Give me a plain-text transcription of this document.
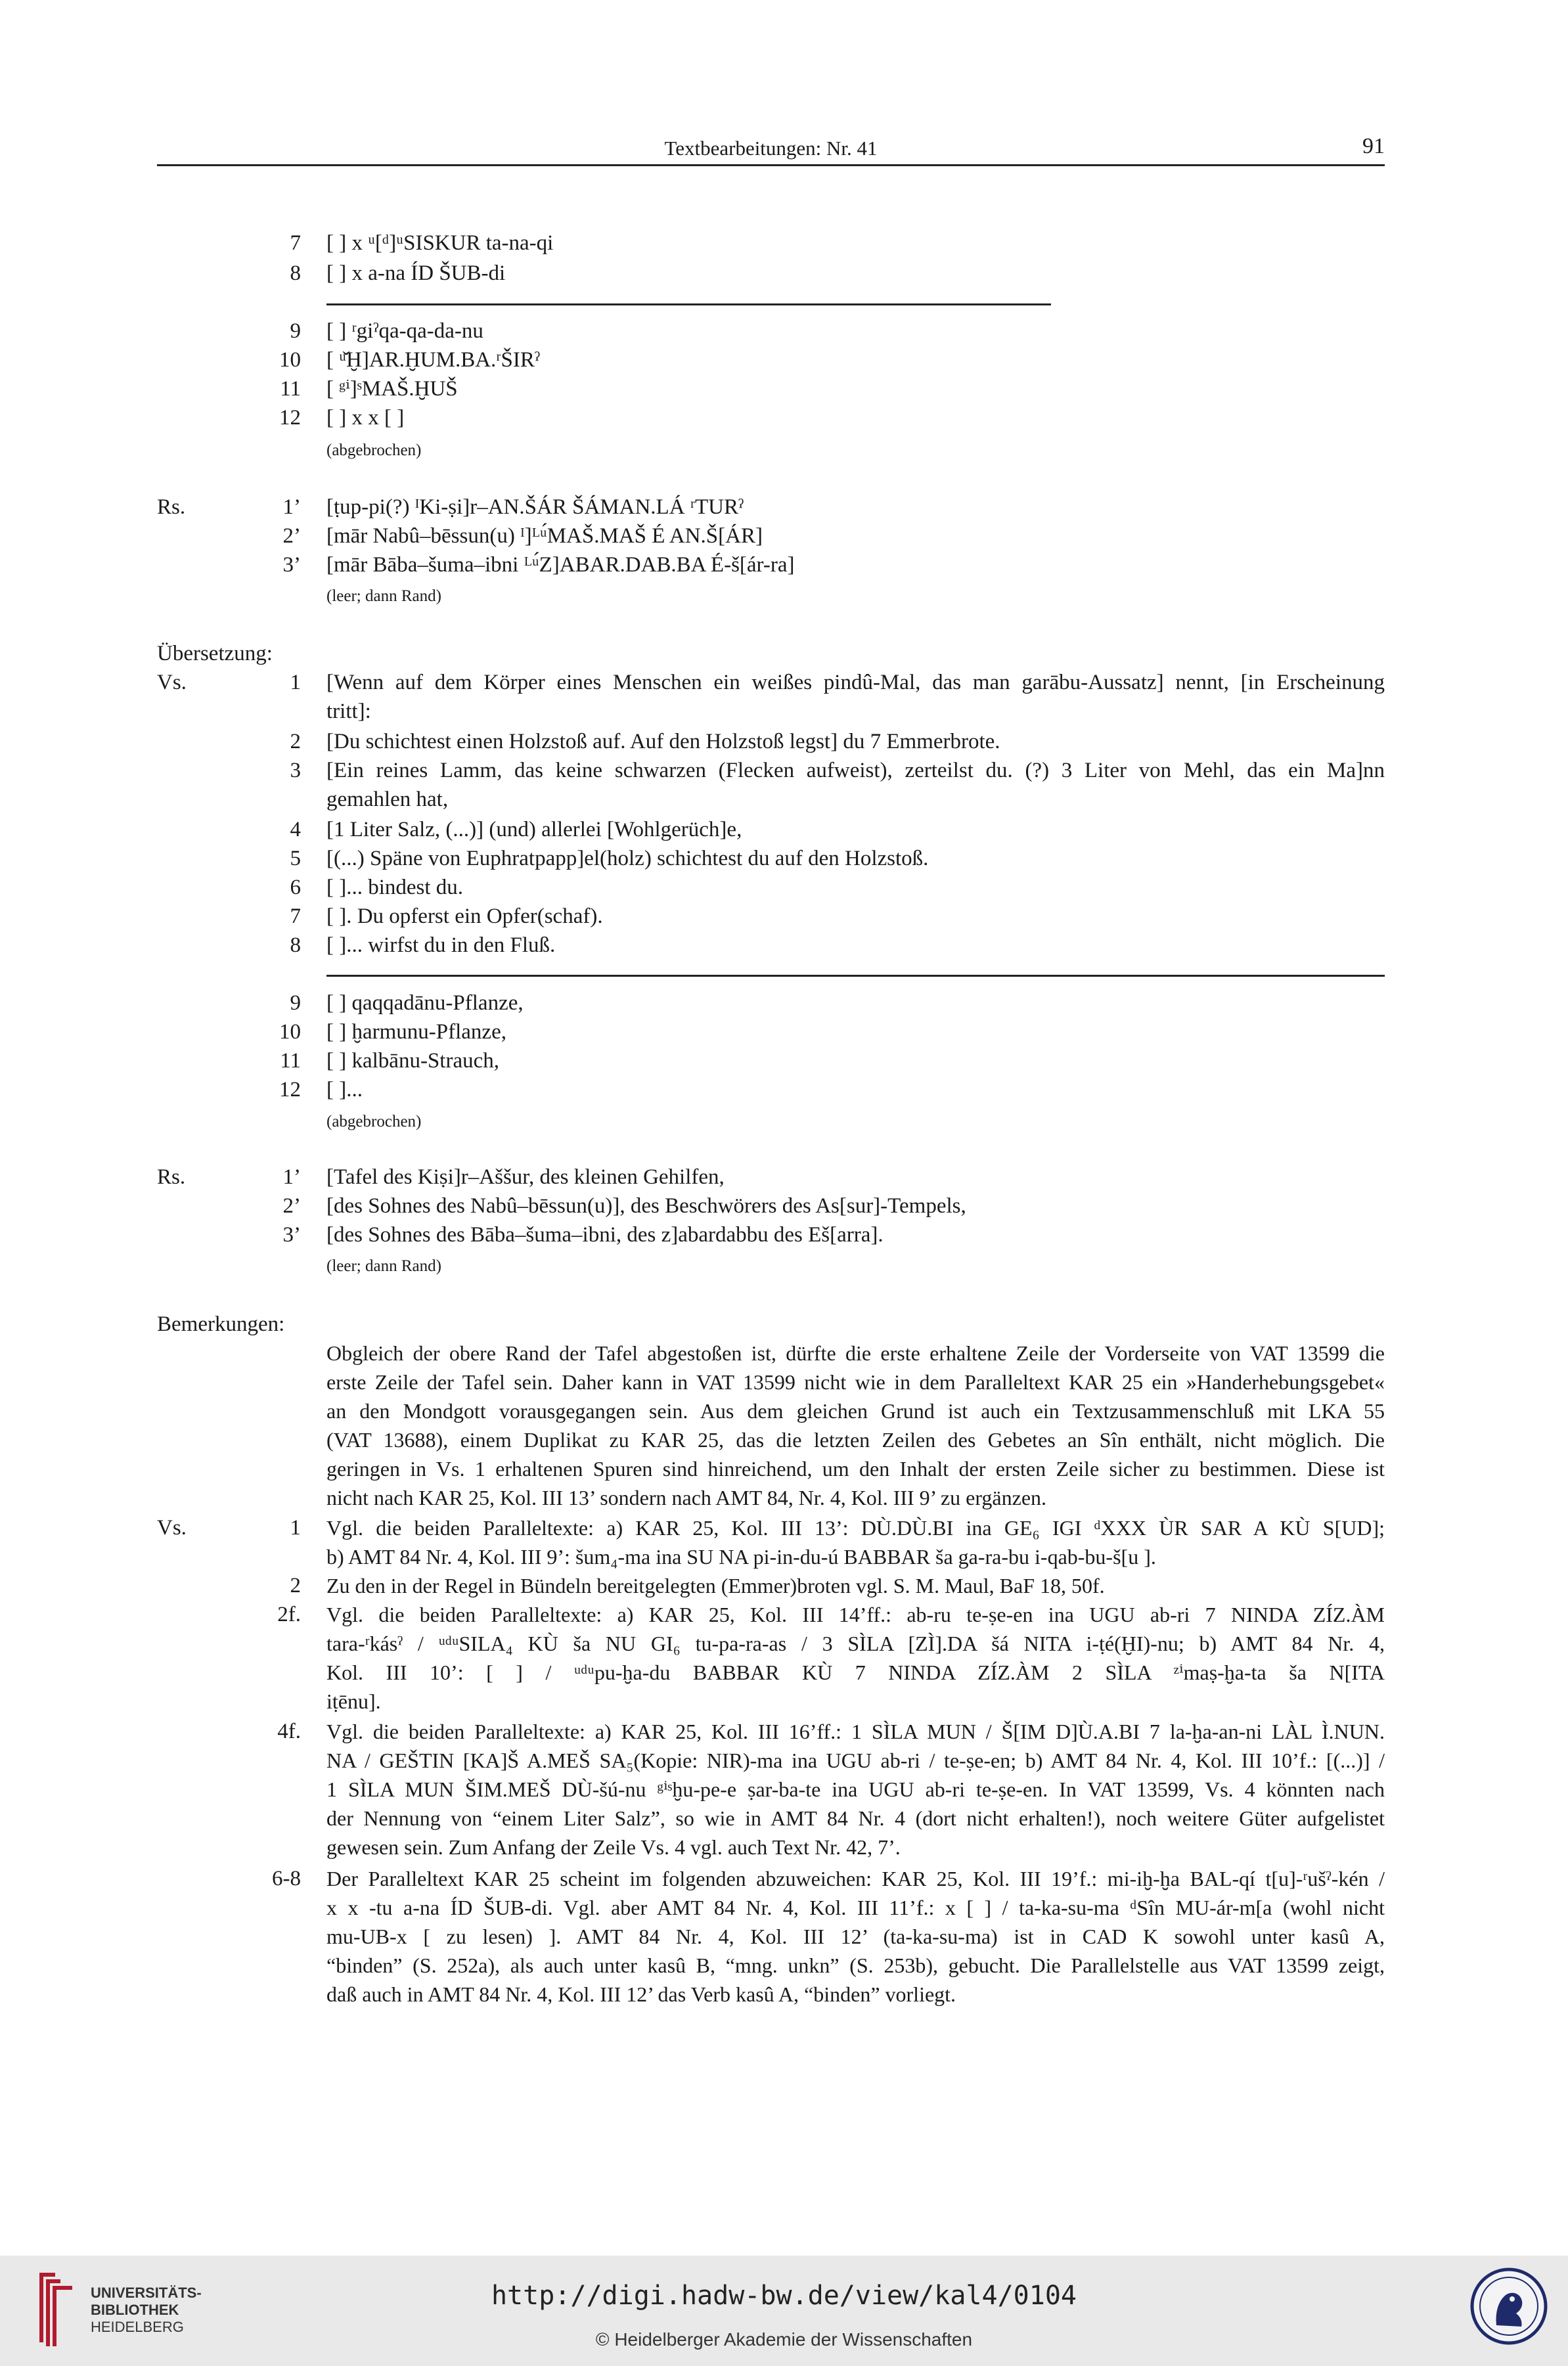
Textbearbeitungen: Nr. 41	91
7 [ ] x ᵘ[ᵈ]ᵘSISKUR ta-na-qi
8 [ ] x a-na ÍD ŠUB-di
9 [ ] ʳgiˀqa-qa-da-nu
10 [ ᵘ̌Ḫ]AR.ḪUM.BA.ʳŠIRˀ
11 [ ᵍⁱ]ˢMAŠ.ḪUŠ
12 [ ] x x [ ]
(abgebrochen)
Rs.	1’ [ṭup-pi(?) ᴵKi-ṣi]r–AN.ŠÁR ŠÁMAN.LÁ ʳTURˀ
2’ [mār Nabû–bēssun(u) ᴵ]ᴸᵘ́MAŠ.MAŠ É AN.Š[ÁR]
3’ [mār Bāba–šuma–ibni ᴸᵘ́Z]ABAR.DAB.BA É-š[ár-ra]
(leer; dann Rand)
Übersetzung:
Vs.	1 [Wenn auf dem Körper eines Menschen ein weißes pindû-Mal, das man garābu-Aussatz] nennt, [in Erscheinung
tritt]:
2 [Du schichtest einen Holzstoß auf. Auf den Holzstoß legst] du 7 Emmerbrote.
3 [Ein reines Lamm, das keine schwarzen (Flecken aufweist), zerteilst du. (?) 3 Liter von Mehl, das ein Ma]nn
gemahlen hat,
4 [1 Liter Salz, (...)] (und) allerlei [Wohlgerüch]e,
5 [(...) Späne von Euphratpapp]el(holz) schichtest du auf den Holzstoß.
6 [ ]... bindest du.
7 [ ]. Du opferst ein Opfer(schaf).
8 [ ]... wirfst du in den Fluß.
9 [ ] qaqqadānu-Pflanze,
10 [ ] ḫarmunu-Pflanze,
11 [ ] kalbānu-Strauch,
12 [ ]...
(abgebrochen)
Rs.	1’ [Tafel des Kiṣi]r–Aššur, des kleinen Gehilfen,
2’ [des Sohnes des Nabû–bēssun(u)], des Beschwörers des As[sur]-Tempels,
3’ [des Sohnes des Bāba–šuma–ibni, des z]abardabbu des Eš[arra].
(leer; dann Rand)
Bemerkungen:
Obgleich der obere Rand der Tafel abgestoßen ist, dürfte die erste erhaltene Zeile der Vorderseite von VAT 13599 die
erste Zeile der Tafel sein. Daher kann in VAT 13599 nicht wie in dem Paralleltext KAR 25 ein »Handerhebungsgebet«
an den Mondgott vorausgegangen sein. Aus dem gleichen Grund ist auch ein Textzusammenschluß mit LKA 55
(VAT 13688), einem Duplikat zu KAR 25, das die letzten Zeilen des Gebetes an Sîn enthält, nicht möglich. Die
geringen in Vs. 1 erhaltenen Spuren sind hinreichend, um den Inhalt der ersten Zeile sicher zu bestimmen. Diese ist
nicht nach KAR 25, Kol. III 13’ sondern nach AMT 84, Nr. 4, Kol. III 9’ zu ergänzen.
Vs.	1 Vgl. die beiden Paralleltexte: a) KAR 25, Kol. III 13’: DÙ.DÙ.BI ina GE₆ IGI ᵈXXX ÙR SAR A KÙ S[UD];
b) AMT 84 Nr. 4, Kol. III 9’: šum₄-ma ina SU NA pi-in-du-ú BABBAR ša ga-ra-bu i-qab-bu-š[u ].
2 Zu den in der Regel in Bündeln bereitgelegten (Emmer)broten vgl. S. M. Maul, BaF 18, 50f.
2f. Vgl. die beiden Paralleltexte: a) KAR 25, Kol. III 14’ff.: ab-ru te-ṣe-en ina UGU ab-ri 7 NINDA ZÍZ.ÀM
tara-ʳkásˀ / ᵘᵈᵘSILA₄ KÙ ša NU GI₆ tu-pa-ra-as / 3 SÌLA [ZÌ].DA šá NITA i-ṭé(ḪI)-nu; b) AMT 84 Nr. 4,
Kol. III 10’: [ ] / ᵘᵈᵘpu-ḫa-du BABBAR KÙ 7 NINDA ZÍZ.ÀM 2 SÌLA ᶻⁱmaṣ-ḫa-ta ša N[ITA
iṭēnu].
4f. Vgl. die beiden Paralleltexte: a) KAR 25, Kol. III 16’ff.: 1 SÌLA MUN / Š[IM D]Ù.A.BI 7 la-ḫa-an-ni LÀL Ì.NUN.
NA / GEŠTIN [KA]Š A.MEŠ SA₅(Kopie: NIR)-ma ina UGU ab-ri / te-ṣe-en; b) AMT 84 Nr. 4, Kol. III 10’f.: [(...)] /
1 SÌLA MUN ŠIM.MEŠ DÙ-šú-nu ᵍⁱˢḫu-pe-e ṣar-ba-te ina UGU ab-ri te-ṣe-en. In VAT 13599, Vs. 4 könnten nach
der Nennung von “einem Liter Salz”, so wie in AMT 84 Nr. 4 (dort nicht erhalten!), noch weitere Güter aufgelistet
gewesen sein. Zum Anfang der Zeile Vs. 4 vgl. auch Text Nr. 42, 7’.
6-8 Der Paralleltext KAR 25 scheint im folgenden abzuweichen: KAR 25, Kol. III 19’f.: mi-iḫ-ḫa BAL-qí t[u]-ʳušˀ-kén /
x x -tu a-na ÍD ŠUB-di. Vgl. aber AMT 84 Nr. 4, Kol. III 11’f.: x [ ] / ta-ka-su-ma ᵈSîn MU-ár-m[a (wohl nicht
mu-UB-x [ zu lesen) ]. AMT 84 Nr. 4, Kol. III 12’ (ta-ka-su-ma) ist in CAD K sowohl unter kasû A,
“binden” (S. 252a), als auch unter kasû B, “mng. unkn” (S. 253b), gebucht. Die Parallelstelle aus VAT 13599 zeigt,
daß auch in AMT 84 Nr. 4, Kol. III 12’ das Verb kasû A, “binden” vorliegt.
UNIVERSITÄTS-
BIBLIOTHEK
HEIDELBERG
http://digi.hadw-bw.de/view/kal4/0104
© Heidelberger Akademie der Wissenschaften
